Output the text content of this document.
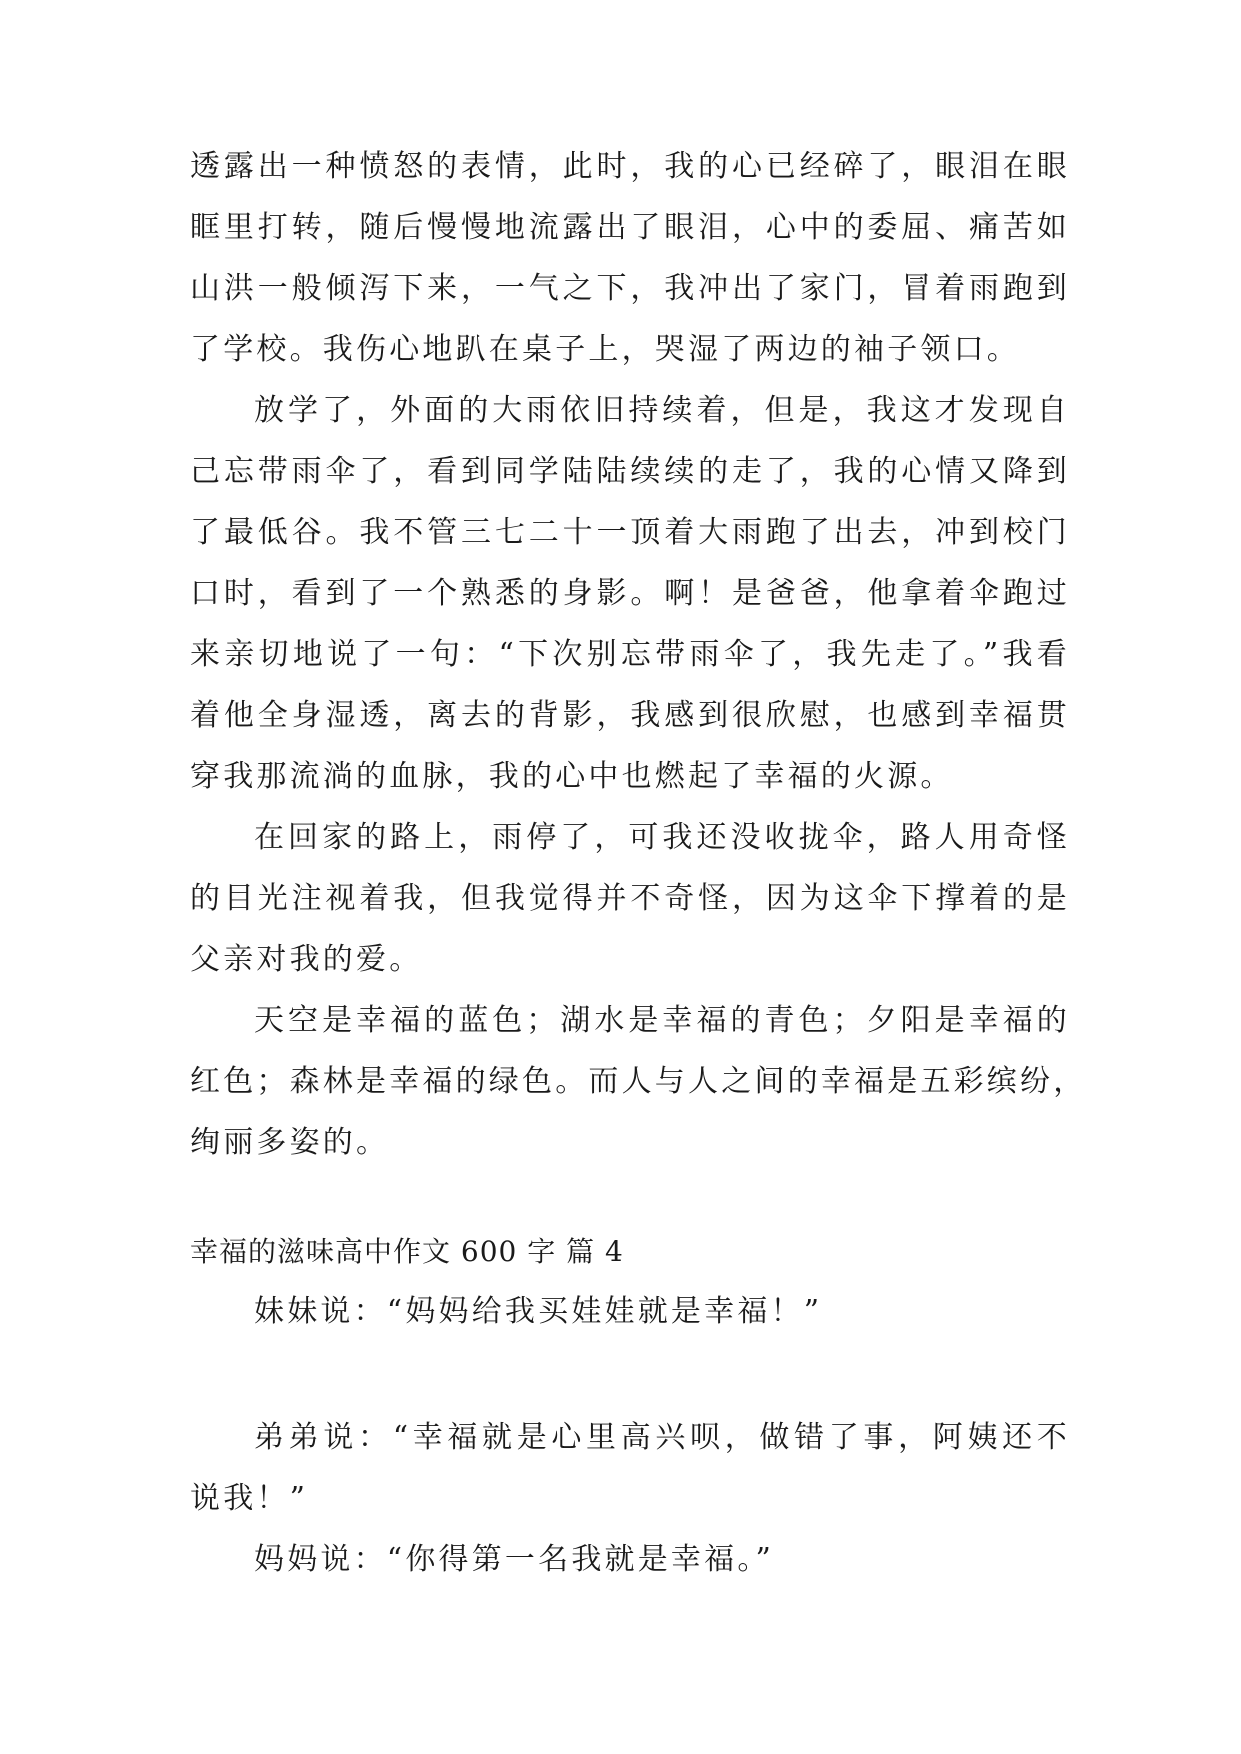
透露出一种愤怒的表情，此时，我的心已经碎了，眼泪在眼
眶里打转，随后慢慢地流露出了眼泪，心中的委屈、痛苦如
山洪一般倾泻下来，一气之下，我冲出了家门，冒着雨跑到
了学校。我伤心地趴在桌子上，哭湿了两边的袖子领口。
放学了，外面的大雨依旧持续着，但是，我这才发现自
己忘带雨伞了，看到同学陆陆续续的走了，我的心情又降到
了最低谷。我不管三七二十一顶着大雨跑了出去，冲到校门
口时，看到了一个熟悉的身影。啊！是爸爸，他拿着伞跑过
来亲切地说了一句：“下次别忘带雨伞了，我先走了。”我看
着他全身湿透，离去的背影，我感到很欣慰，也感到幸福贯
穿我那流淌的血脉，我的心中也燃起了幸福的火源。
在回家的路上，雨停了，可我还没收拢伞，路人用奇怪
的目光注视着我，但我觉得并不奇怪，因为这伞下撑着的是
父亲对我的爱。
天空是幸福的蓝色；湖水是幸福的青色；夕阳是幸福的
红色；森林是幸福的绿色。而人与人之间的幸福是五彩缤纷，
绚丽多姿的。
幸福的滋味高中作文 600 字 篇 4
妹妹说：“妈妈给我买娃娃就是幸福！”
弟弟说：“幸福就是心里高兴呗，做错了事，阿姨还不
说我！”
妈妈说：“你得第一名我就是幸福。”
